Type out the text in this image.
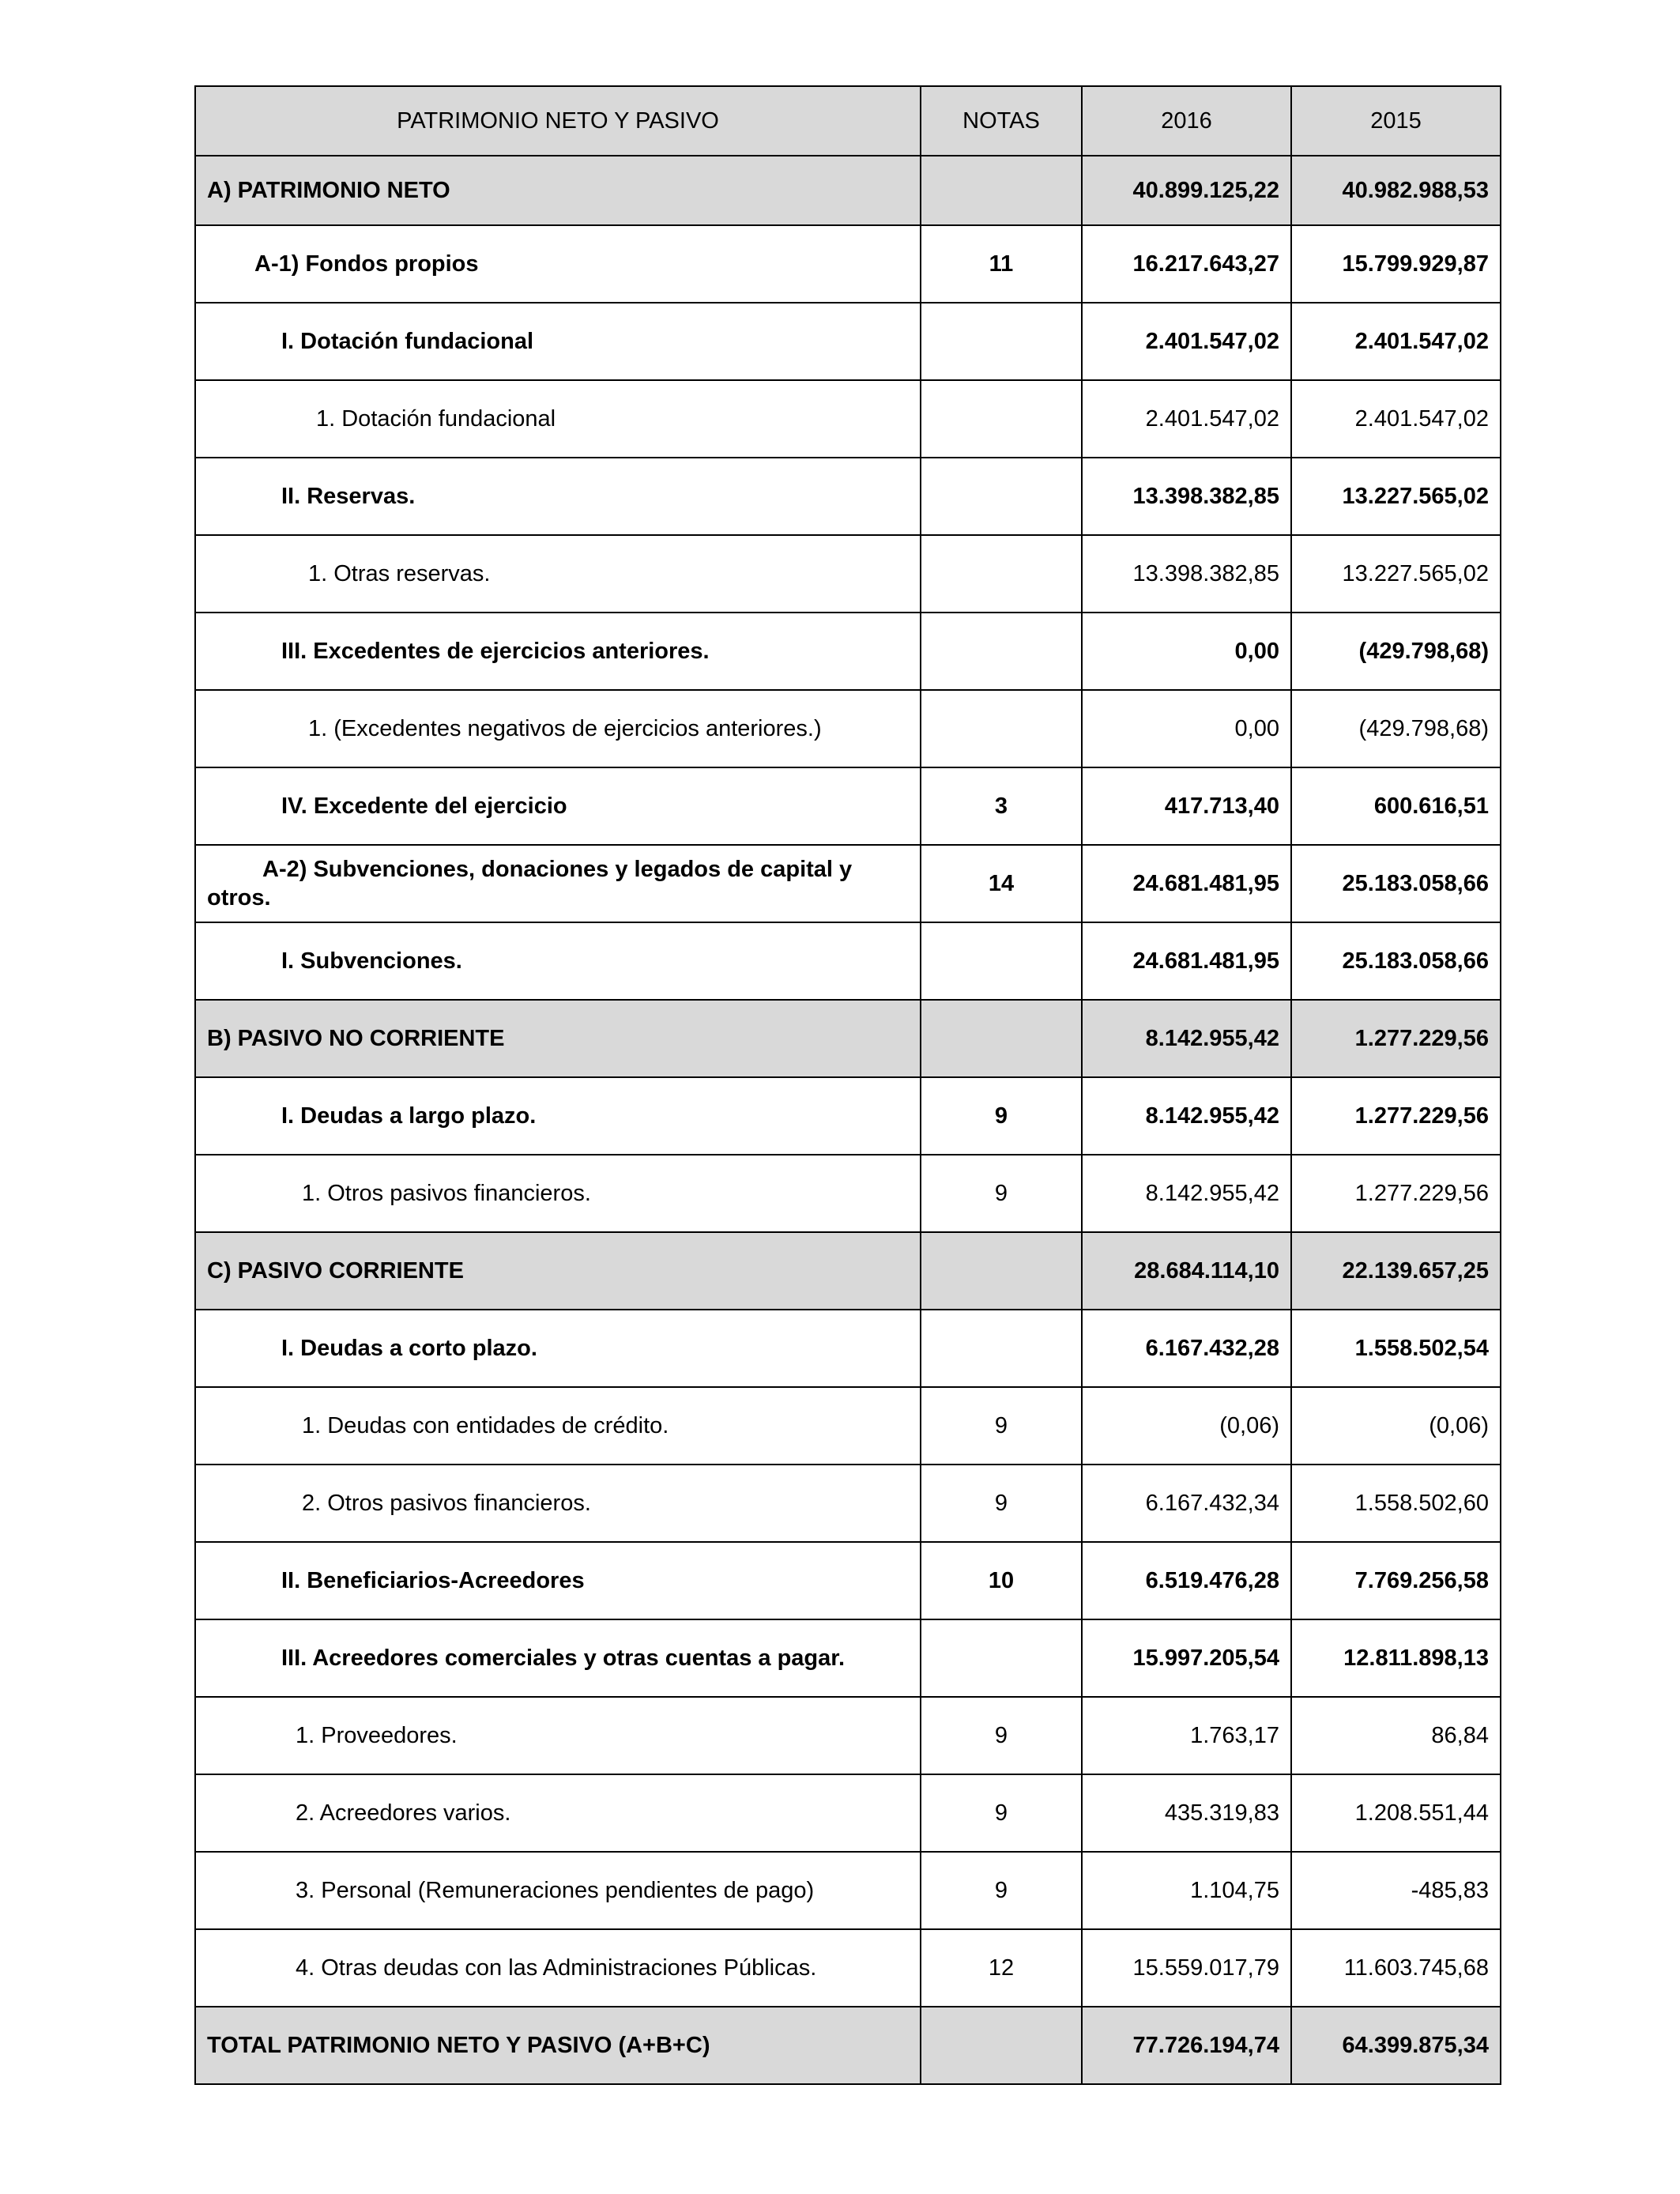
PATRIMONIO NETO Y PASIVO	NOTAS	2016	2015
A) PATRIMONIO NETO		40.899.125,22	40.982.988,53
A-1) Fondos propios	11	16.217.643,27	15.799.929,87
I. Dotación fundacional		2.401.547,02	2.401.547,02
1. Dotación fundacional		2.401.547,02	2.401.547,02
II. Reservas.		13.398.382,85	13.227.565,02
1. Otras reservas.		13.398.382,85	13.227.565,02
III. Excedentes de ejercicios anteriores.		0,00	(429.798,68)
1. (Excedentes negativos de ejercicios anteriores.)		0,00	(429.798,68)
IV. Excedente del ejercicio	3	417.713,40	600.616,51
A-2) Subvenciones, donaciones y legados de capital y otros.	14	24.681.481,95	25.183.058,66
I. Subvenciones.		24.681.481,95	25.183.058,66
B) PASIVO NO CORRIENTE		8.142.955,42	1.277.229,56
I. Deudas a largo plazo.	9	8.142.955,42	1.277.229,56
1. Otros pasivos financieros.	9	8.142.955,42	1.277.229,56
C) PASIVO CORRIENTE		28.684.114,10	22.139.657,25
I. Deudas a corto plazo.		6.167.432,28	1.558.502,54
1. Deudas con entidades de crédito.	9	(0,06)	(0,06)
2. Otros pasivos financieros.	9	6.167.432,34	1.558.502,60
II. Beneficiarios-Acreedores	10	6.519.476,28	7.769.256,58
III. Acreedores comerciales y otras cuentas a pagar.		15.997.205,54	12.811.898,13
1. Proveedores.	9	1.763,17	86,84
2. Acreedores varios.	9	435.319,83	1.208.551,44
3. Personal (Remuneraciones pendientes de pago)	9	1.104,75	-485,83
4. Otras deudas con las Administraciones Públicas.	12	15.559.017,79	11.603.745,68
TOTAL PATRIMONIO NETO Y PASIVO (A+B+C)		77.726.194,74	64.399.875,34
